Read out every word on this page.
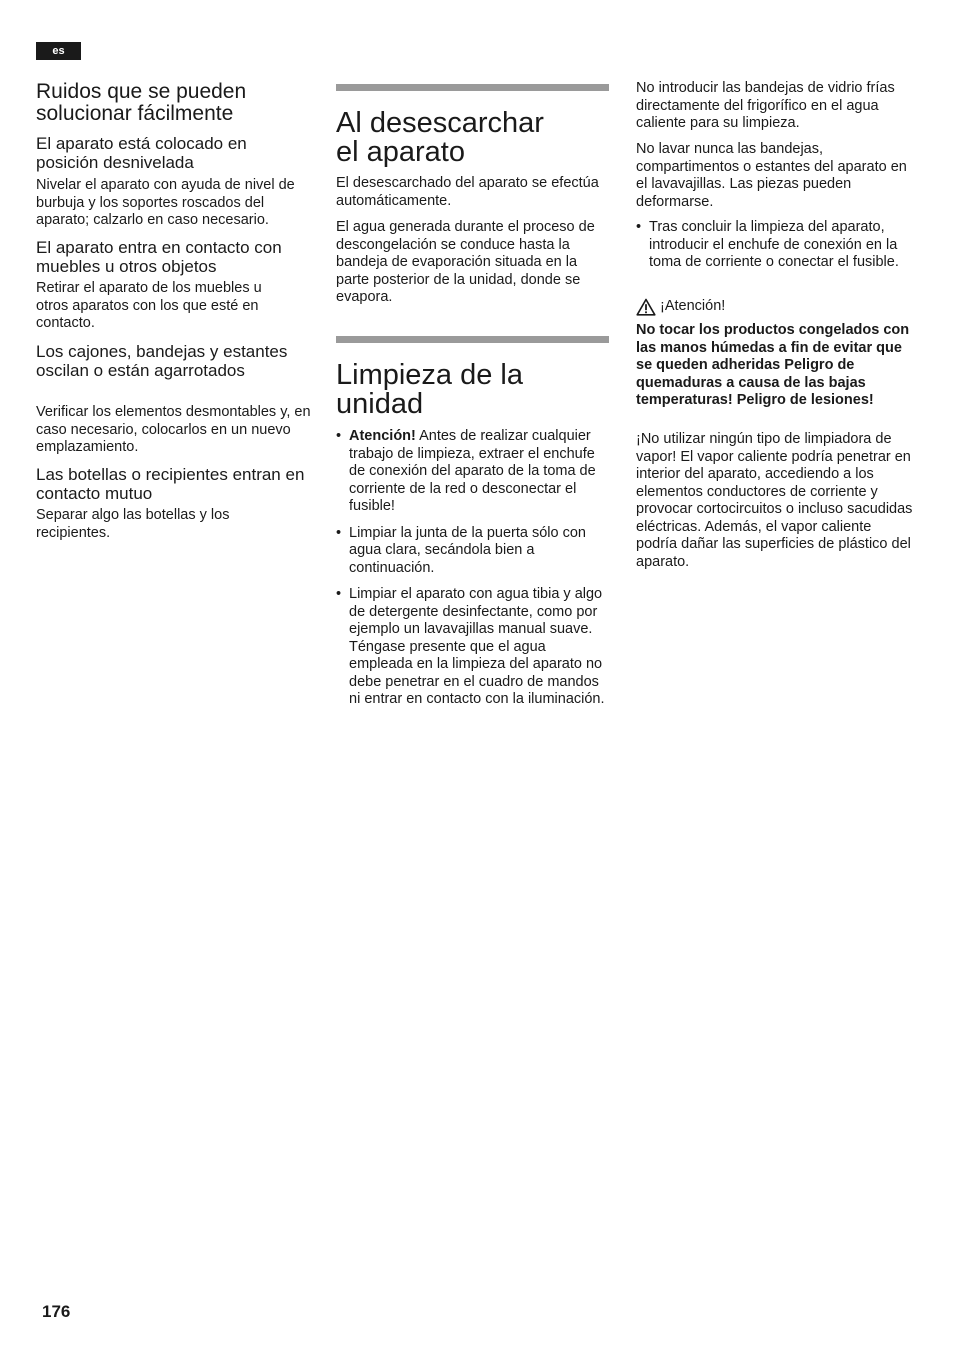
es
Ruidos que se pueden solucionar fácilmente
El aparato está colocado en posición desnivelada

Nivelar el aparato con ayuda de nivel de burbuja y los soportes roscados del aparato; calzarlo en caso necesario.

El aparato entra en contacto con muebles u otros objetos

Retirar el aparato de los muebles u otros aparatos con los que esté en contacto.

Los cajones, bandejas y estantes oscilan o están agarrotados

Verificar los elementos desmontables y, en caso necesario, colocarlos en un nuevo emplazamiento.

Las botellas o recipientes entran en contacto mutuo

Separar algo las botellas y los recipientes.

Al desescarchar el aparato

El desescarchado del aparato se efectúa automáticamente.

El agua generada durante el proceso de descongelación se conduce hasta la bandeja de evaporación situada en la parte posterior de la unidad, donde se evapora.

Limpieza de la unidad
• Atención! Antes de realizar cualquier trabajo de limpieza, extraer el enchufe de conexión del aparato de la toma de corriente de la red o desconectar el fusible!
• Limpiar la junta de la puerta sólo con agua clara, secándola bien a continuación.
• Limpiar el aparato con agua tibia y algo de detergente desinfectante, como por ejemplo un lavavajillas manual suave. Téngase presente que el agua empleada en la limpieza del aparato no debe penetrar en el cuadro de mandos ni entrar en contacto con la iluminación.

No introducir las bandejas de vidrio frías directamente del frigorífico en el agua caliente para su limpieza.

No lavar nunca las bandejas, compartimentos o estantes del aparato en el lavavajillas. Las piezas pueden deformarse.

• Tras concluir la limpieza del aparato, introducir el enchufe de conexión en la toma de corriente o conectar el fusible.
¡Atención!

No tocar los productos congelados con las manos húmedas a fin de evitar que se queden adheridas Peligro de quemaduras a causa de las bajas temperaturas! Peligro de lesiones!

¡No utilizar ningún tipo de limpiadora de vapor! El vapor caliente podría penetrar en interior del aparato, accediendo a los elementos conductores de corriente y provocar cortocircuitos o incluso sacudidas eléctricas. Además, el vapor caliente podría dañar las superficies de plástico del aparato.

176
